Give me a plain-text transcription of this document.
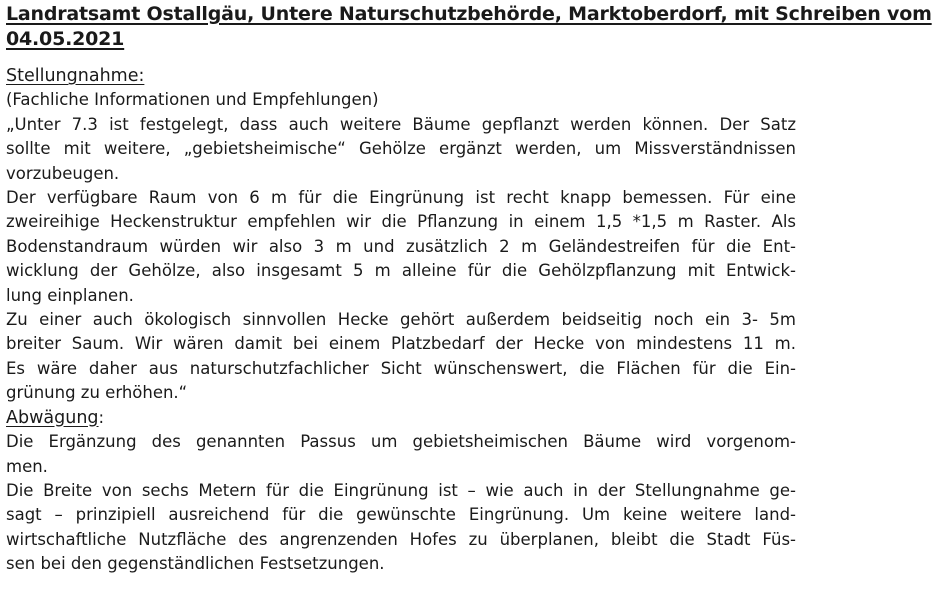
Landratsamt Ostallgäu, Untere Naturschutzbehörde, Marktoberdorf, mit Schreiben vom
04.05.2021
Stellungnahme:
(Fachliche Informationen und Empfehlungen)
„Unter 7.3 ist festgelegt, dass auch weitere Bäume gepflanzt werden können. Der Satz
sollte mit weitere, „gebietsheimische“ Gehölze ergänzt werden, um Missverständnissen
vorzubeugen.
Der verfügbare Raum von 6 m für die Eingrünung ist recht knapp bemessen. Für eine
zweireihige Heckenstruktur empfehlen wir die Pflanzung in einem 1,5 *1,5 m Raster. Als
Bodenstandraum würden wir also 3 m und zusätzlich 2 m Geländestreifen für die Ent-
wicklung der Gehölze, also insgesamt 5 m alleine für die Gehölzpflanzung mit Entwick-
lung einplanen.
Zu einer auch ökologisch sinnvollen Hecke gehört außerdem beidseitig noch ein 3- 5m
breiter Saum. Wir wären damit bei einem Platzbedarf der Hecke von mindestens 11 m.
Es wäre daher aus naturschutzfachlicher Sicht wünschenswert, die Flächen für die Ein-
grünung zu erhöhen.“
Abwägung:
Die Ergänzung des genannten Passus um gebietsheimischen Bäume wird vorgenom-
men.
Die Breite von sechs Metern für die Eingrünung ist – wie auch in der Stellungnahme ge-
sagt – prinzipiell ausreichend für die gewünschte Eingrünung. Um keine weitere land-
wirtschaftliche Nutzfläche des angrenzenden Hofes zu überplanen, bleibt die Stadt Füs-
sen bei den gegenständlichen Festsetzungen.
